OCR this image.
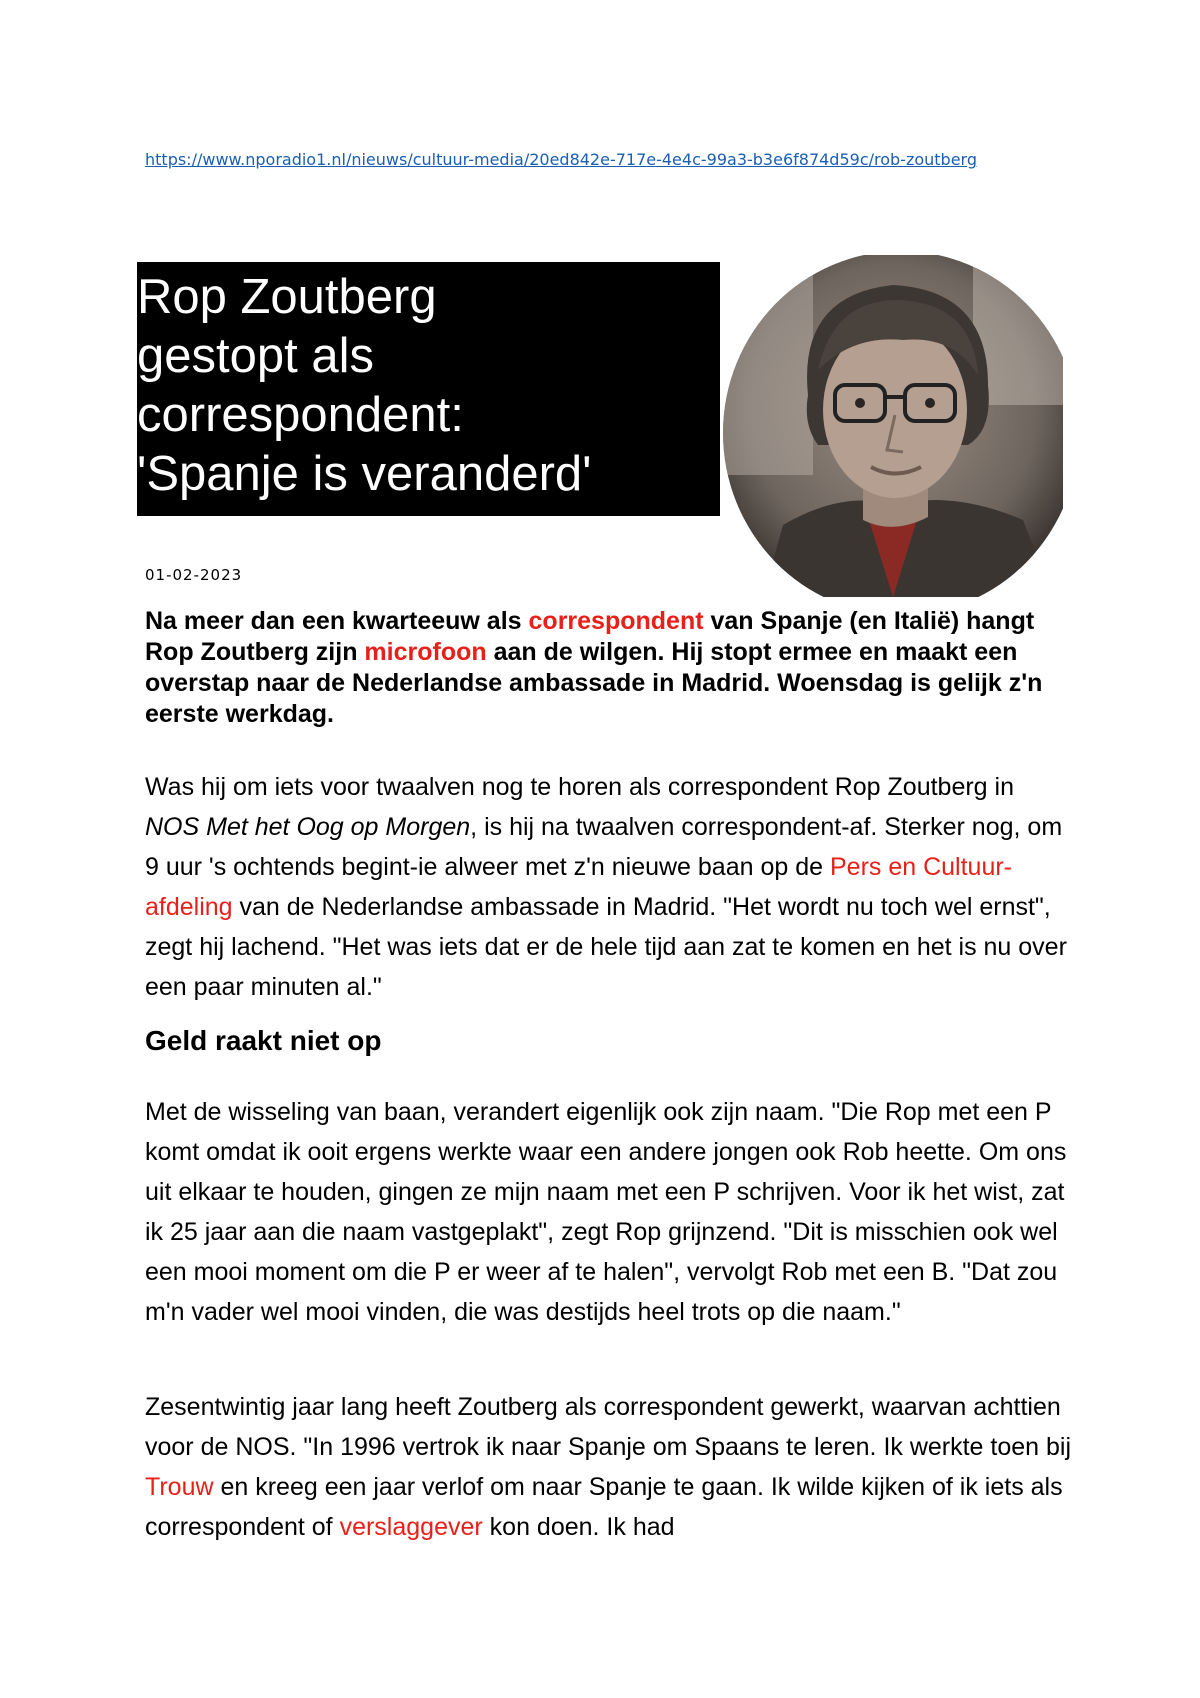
https://www.nporadio1.nl/nieuws/cultuur-media/20ed842e-717e-4e4c-99a3-b3e6f874d59c/rob-zoutberg
Rop Zoutberg
gestopt als
correspondent:
'Spanje is veranderd'
01-02-2023

Na meer dan een kwarteeuw als correspondent van Spanje (en Italië) hangt Rop Zoutberg zijn microfoon aan de wilgen. Hij stopt ermee en maakt een overstap naar de Nederlandse ambassade in Madrid. Woensdag is gelijk z'n eerste werkdag.

Was hij om iets voor twaalven nog te horen als correspondent Rop Zoutberg in NOS Met het Oog op Morgen, is hij na twaalven correspondent-af. Sterker nog, om 9 uur 's ochtends begint-ie alweer met z'n nieuwe baan op de Pers en Cultuur-afdeling van de Nederlandse ambassade in Madrid. "Het wordt nu toch wel ernst", zegt hij lachend. "Het was iets dat er de hele tijd aan zat te komen en het is nu over een paar minuten al."

Geld raakt niet op

Met de wisseling van baan, verandert eigenlijk ook zijn naam. "Die Rop met een P komt omdat ik ooit ergens werkte waar een andere jongen ook Rob heette. Om ons uit elkaar te houden, gingen ze mijn naam met een P schrijven. Voor ik het wist, zat ik 25 jaar aan die naam vastgeplakt", zegt Rop grijnzend. "Dit is misschien ook wel een mooi moment om die P er weer af te halen", vervolgt Rob met een B. "Dat zou m'n vader wel mooi vinden, die was destijds heel trots op die naam."

Zesentwintig jaar lang heeft Zoutberg als correspondent gewerkt, waarvan achttien voor de NOS. "In 1996 vertrok ik naar Spanje om Spaans te leren. Ik werkte toen bij Trouw en kreeg een jaar verlof om naar Spanje te gaan. Ik wilde kijken of ik iets als correspondent of verslaggever kon doen. Ik had
